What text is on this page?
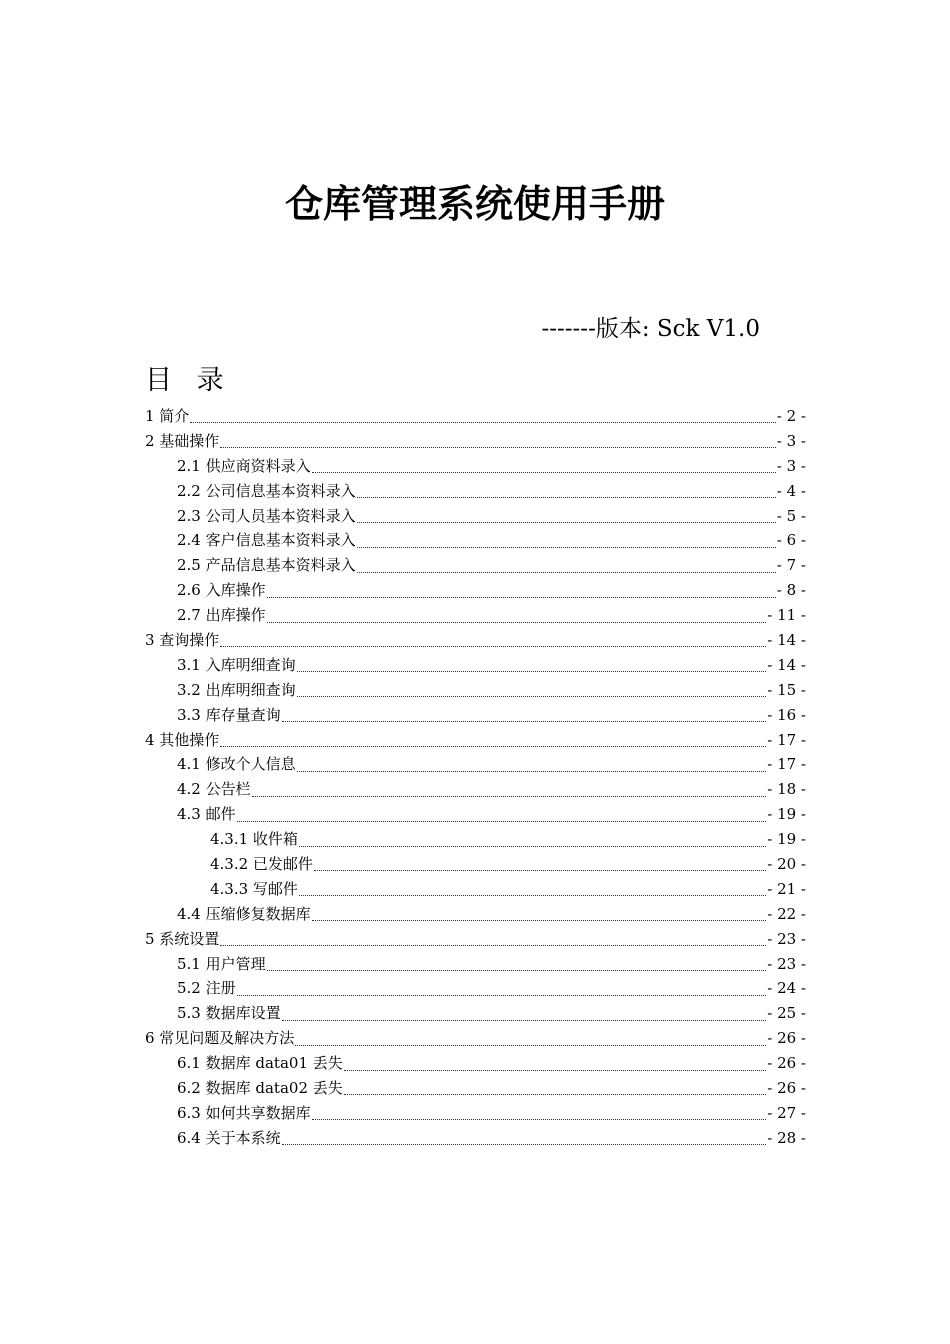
仓库管理系统使用手册
-------版本: Sck V1.0
目 录
1 简介	- 2 -
2 基础操作	- 3 -
2.1 供应商资料录入	- 3 -
2.2 公司信息基本资料录入	- 4 -
2.3 公司人员基本资料录入	- 5 -
2.4 客户信息基本资料录入	- 6 -
2.5 产品信息基本资料录入	- 7 -
2.6 入库操作	- 8 -
2.7 出库操作	- 11 -
3 查询操作	- 14 -
3.1 入库明细查询	- 14 -
3.2 出库明细查询	- 15 -
3.3 库存量查询	- 16 -
4 其他操作	- 17 -
4.1 修改个人信息	- 17 -
4.2 公告栏	- 18 -
4.3 邮件	- 19 -
4.3.1 收件箱	- 19 -
4.3.2 已发邮件	- 20 -
4.3.3 写邮件	- 21 -
4.4 压缩修复数据库	- 22 -
5 系统设置	- 23 -
5.1 用户管理	- 23 -
5.2 注册	- 24 -
5.3 数据库设置	- 25 -
6 常见问题及解决方法	- 26 -
6.1 数据库 data01 丢失	- 26 -
6.2 数据库 data02 丢失	- 26 -
6.3 如何共享数据库	- 27 -
6.4 关于本系统	- 28 -
